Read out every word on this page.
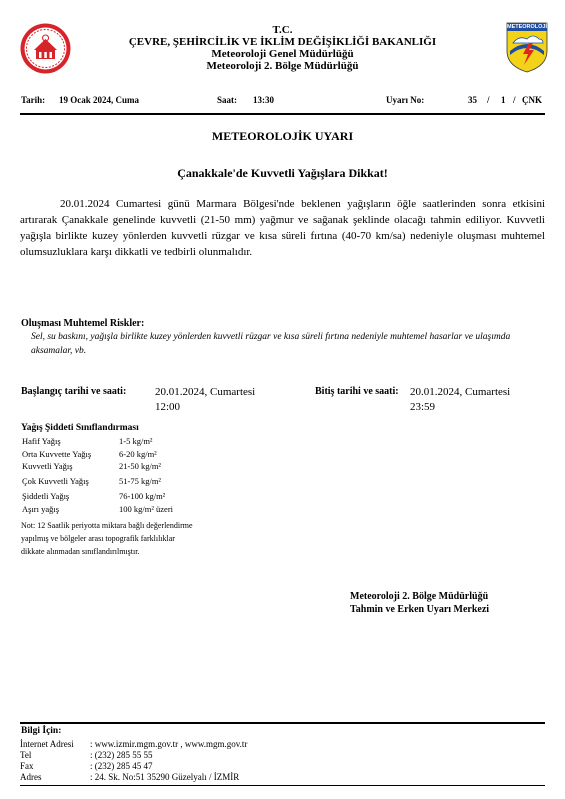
T.C.
ÇEVRE, ŞEHİRCİLİK VE İKLİM DEĞİŞİKLİĞİ BAKANLIĞI
Meteoroloji Genel Müdürlüğü
Meteoroloji 2. Bölge Müdürlüğü
METEOROLOJİ
Tarih: 19 Ocak 2024, Cuma	Saat: 13:30	Uyarı No:	35 / 1 / ÇNK
METEOROLOJİK UYARI
Çanakkale'de Kuvvetli Yağışlara Dikkat!
20.01.2024 Cumartesi günü Marmara Bölgesi'nde beklenen yağışların öğle saatlerinden sonra etkisini artırarak Çanakkale genelinde kuvvetli (21-50 mm) yağmur ve sağanak şeklinde olacağı tahmin ediliyor. Kuvvetli yağışla birlikte kuzey yönlerden kuvvetli rüzgar ve kısa süreli fırtına (40-70 km/sa) nedeniyle oluşması muhtemel olumsuzluklara karşı dikkatli ve tedbirli olunmalıdır.
Oluşması Muhtemel Riskler:
Sel, su baskını, yağışla birlikte kuzey yönlerden kuvvetli rüzgar ve kısa süreli fırtına nedeniyle muhtemel hasarlar ve ulaşımda aksamalar, vb.
Başlangıç tarihi ve saati:	20.01.2024, Cumartesi
12:00
Bitiş tarihi ve saati: 20.01.2024, Cumartesi
23:59
Yağış Şiddeti Sınıflandırması
Hafif Yağış	1-5 kg/m²
Orta Kuvvette Yağış	6-20 kg/m²
Kuvvetli Yağış	21-50 kg/m²
Çok Kuvvetli Yağış	51-75 kg/m²
Şiddetli Yağış	76-100 kg/m²
Aşırı yağış	100 kg/m² üzeri
Not: 12 Saatlik periyotta miktara bağlı değerlendirme
yapılmış ve bölgeler arası topografik farklılıklar
dikkate alınmadan sınıflandırılmıştır.
Meteoroloji 2. Bölge Müdürlüğü
Tahmin ve Erken Uyarı Merkezi
Bilgi İçin:
İnternet Adresi : www.izmir.mgm.gov.tr , www.mgm.gov.tr
Tel	: (232) 285 55 55
Fax	: (232) 285 45 47
Adres	: 24. Sk. No:51 35290 Güzelyalı / İZMİR
